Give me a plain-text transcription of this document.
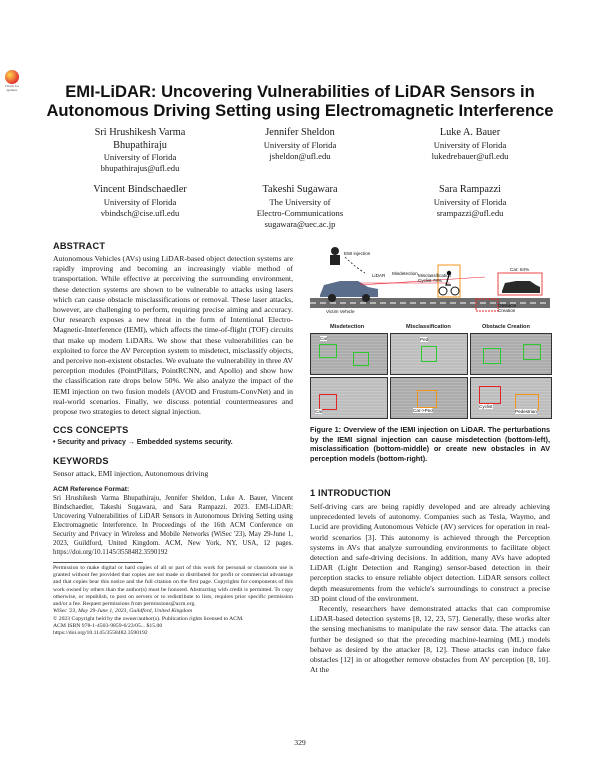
Check for updates	EMI-LiDAR: Uncovering Vulnerabilities of LiDAR Sensors in Autonomous Driving Setting using Electromagnetic Interference
Sri Hrushikesh Varma
Bhupathiraju
University of Florida
bhupathirajus@ufl.edu
Jennifer Sheldon
University of Florida
jsheldon@ufl.edu
Luke A. Bauer
University of Florida
lukedrebauer@ufl.edu
Vincent Bindschaedler
University of Florida
vbindsch@cise.ufl.edu
Takeshi Sugawara
The University of
Electro-Communications
sugawara@uec.ac.jp
Sara Rampazzi
University of Florida
srampazzi@ufl.edu
ABSTRACT

Autonomous Vehicles (AVs) using LiDAR-based object detection systems are rapidly improving and becoming an increasingly viable method of transportation. While effective at perceiving the surrounding environment, these detection systems are shown to be vulnerable to attacks using lasers which can cause obstacle misclassifications or removal. These laser attacks, however, are challenging to perform, requiring precise aiming and accuracy. Our research exposes a new threat in the form of Intentional Electro-Magnetic-Interference (IEMI), which affects the time-of-flight (TOF) circuits that make up modern LiDARs. We show that these vulnerabilities can be exploited to force the AV Perception system to misdetect, misclassify objects, and perceive non-existent obstacles. We evaluate the vulnerability in three AV perception modules (PointPillars, PointRCNN, and Apollo) and show how the classification rate drops below 50%. We also analyze the impact of the IEMI injection on two fusion models (AVOD and Frustum-ConvNet) and in real-world scenarios. Finally, we discuss potential countermeasures and propose two strategies to detect signal injection.

CCS CONCEPTS

• Security and privacy → Embedded systems security.

KEYWORDS

Sensor attack, EMI injection, Autonomous driving

ACM Reference Format:

Sri Hrushikesh Varma Bhupathiraju, Jennifer Sheldon, Luke A. Bauer, Vincent Bindschaedler, Takeshi Sugawara, and Sara Rampazzi. 2023. EMI-LiDAR: Uncovering Vulnerabilities of LiDAR Sensors in Autonomous Driving Setting using Electromagnetic Interference. In Proceedings of the 16th ACM Conference on Security and Privacy in Wireless and Mobile Networks (WiSec '23), May 29-June 1, 2023, Guildford, United Kingdom. ACM, New York, NY, USA, 12 pages. https://doi.org/10.1145/3558482.3590192

Permission to make digital or hard copies of all or part of this work for personal or classroom use is granted without fee provided that copies are not made or distributed for profit or commercial advantage and that copies bear this notice and the full citation on the first page. Copyrights for components of this work owned by others than the author(s) must be honored. Abstracting with credit is permitted. To copy otherwise, or republish, to post on servers or to redistribute to lists, requires prior specific permission and/or a fee. Request permissions from permissions@acm.org.

WiSec '23, May 29-June 1, 2023, Guildford, United Kingdom

© 2023 Copyright held by the owner/author(s). Publication rights licensed to ACM.

ACM ISBN 978-1-4503-9859-6/23/05... $15.00

https://doi.org/10.1145/3558482.3590192

EMI injection
LiDAR Misdetection
Victim Vehicle
Misclassification
Cyclist 78%
Car: 84%
Obstacle
Creation
Misdetection	Misclassification	Obstacle Creation
Car	Ped
Car	Car->Ped
Cyclist
Pedestrian
Figure 1: Overview of the IEMI injection on LiDAR. The perturbations by the IEMI signal injection can cause misdetection (bottom-left), misclassification (bottom-middle) or create new obstacles in AV perception models (bottom-right).
1 INTRODUCTION

Self-driving cars are being rapidly developed and are already achieving unprecedented levels of autonomy. Companies such as Tesla, Waymo, and Lucid are providing Autonomous Vehicle (AV) services for operation in real-world scenarios [3]. This autonomy is achieved through the Perception systems in AVs that analyze surrounding environments to facilitate object detection and safe-driving decisions. In addition, many AVs have adopted LiDAR (Light Detection and Ranging) sensor-based detection in their perception stacks to ensure reliable object detection. LiDAR sensors collect depth measurements from the vehicle's surroundings to construct a precise 3D point cloud of the environment.

Recently, researchers have demonstrated attacks that can compromise LiDAR-based detection systems [8, 12, 23, 57]. Generally, these works alter the sensing mechanisms to manipulate the raw sensor data. The attacks can further be designed so that the preceding machine-learning (ML) models behave as desired by the attacker [8, 12]. These attacks can induce fake obstacles [12] in or altogether remove obstacles from AV perception [8, 10]. At the

329
